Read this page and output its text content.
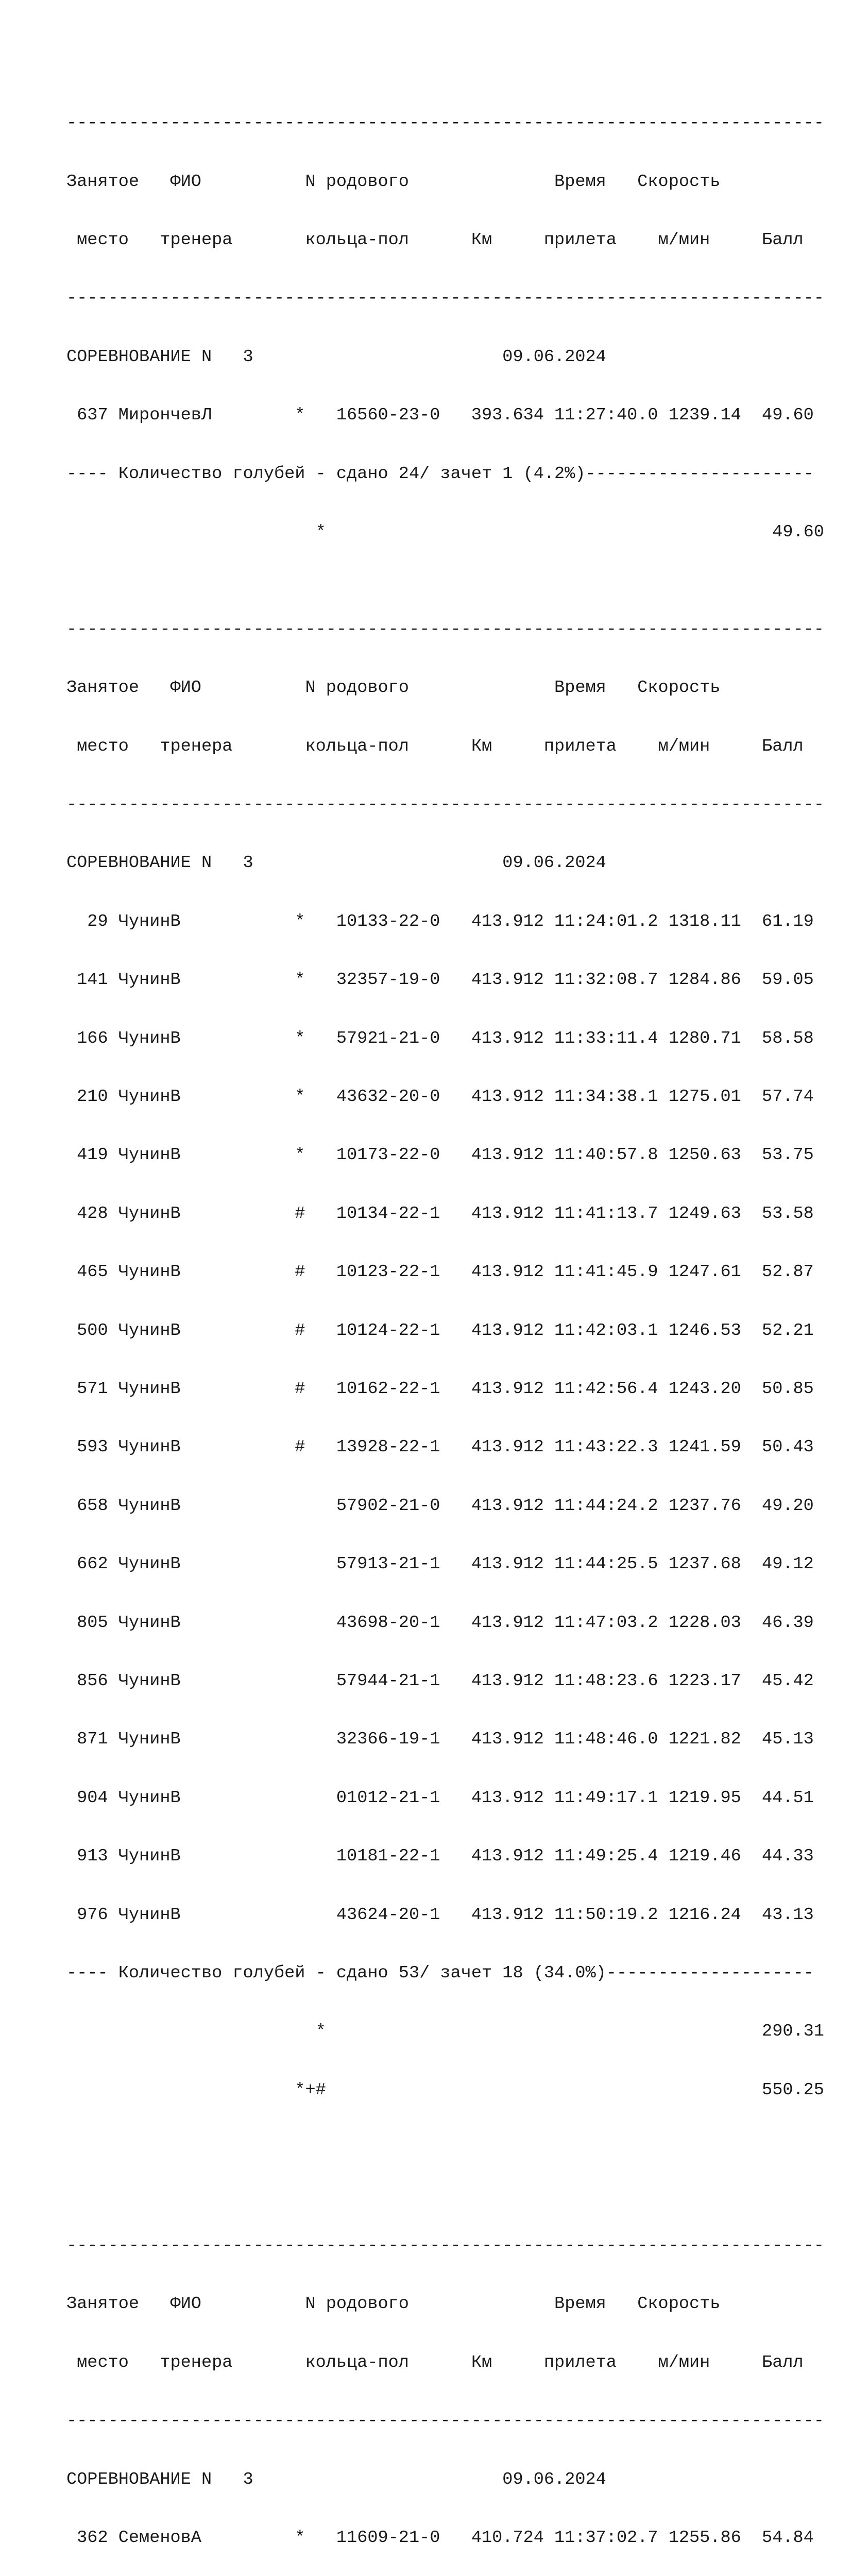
-------------------------------------------------------------------------

Занятое   ФИО          N родового              Время   Скорость

место   тренера       кольца-пол      Км     прилета    м/мин     Балл

-------------------------------------------------------------------------

СОРЕВНОВАНИЕ N   3                        09.06.2024

637 МирончевЛ        *   16560-23-0   393.634 11:27:40.0 1239.14  49.60

---- Количество голубей - сдано 24/ зачет 1 (4.2%)----------------------

*                                           49.60

-------------------------------------------------------------------------

Занятое   ФИО          N родового              Время   Скорость

место   тренера       кольца-пол      Км     прилета    м/мин     Балл

-------------------------------------------------------------------------

СОРЕВНОВАНИЕ N   3                        09.06.2024

29 ЧунинВ           *   10133-22-0   413.912 11:24:01.2 1318.11  61.19

141 ЧунинВ           *   32357-19-0   413.912 11:32:08.7 1284.86  59.05

166 ЧунинВ           *   57921-21-0   413.912 11:33:11.4 1280.71  58.58

210 ЧунинВ           *   43632-20-0   413.912 11:34:38.1 1275.01  57.74

419 ЧунинВ           *   10173-22-0   413.912 11:40:57.8 1250.63  53.75

428 ЧунинВ           #   10134-22-1   413.912 11:41:13.7 1249.63  53.58

465 ЧунинВ           #   10123-22-1   413.912 11:41:45.9 1247.61  52.87

500 ЧунинВ           #   10124-22-1   413.912 11:42:03.1 1246.53  52.21

571 ЧунинВ           #   10162-22-1   413.912 11:42:56.4 1243.20  50.85

593 ЧунинВ           #   13928-22-1   413.912 11:43:22.3 1241.59  50.43

658 ЧунинВ               57902-21-0   413.912 11:44:24.2 1237.76  49.20

662 ЧунинВ               57913-21-1   413.912 11:44:25.5 1237.68  49.12

805 ЧунинВ               43698-20-1   413.912 11:47:03.2 1228.03  46.39

856 ЧунинВ               57944-21-1   413.912 11:48:23.6 1223.17  45.42

871 ЧунинВ               32366-19-1   413.912 11:48:46.0 1221.82  45.13

904 ЧунинВ               01012-21-1   413.912 11:49:17.1 1219.95  44.51

913 ЧунинВ               10181-22-1   413.912 11:49:25.4 1219.46  44.33

976 ЧунинВ               43624-20-1   413.912 11:50:19.2 1216.24  43.13

---- Количество голубей - сдано 53/ зачет 18 (34.0%)--------------------

*                                          290.31

*+#                                          550.25

-------------------------------------------------------------------------

Занятое   ФИО          N родового              Время   Скорость

место   тренера       кольца-пол      Км     прилета    м/мин     Балл

-------------------------------------------------------------------------

СОРЕВНОВАНИЕ N   3                        09.06.2024

362 СеменовА         *   11609-21-0   410.724 11:37:02.7 1255.86  54.84
